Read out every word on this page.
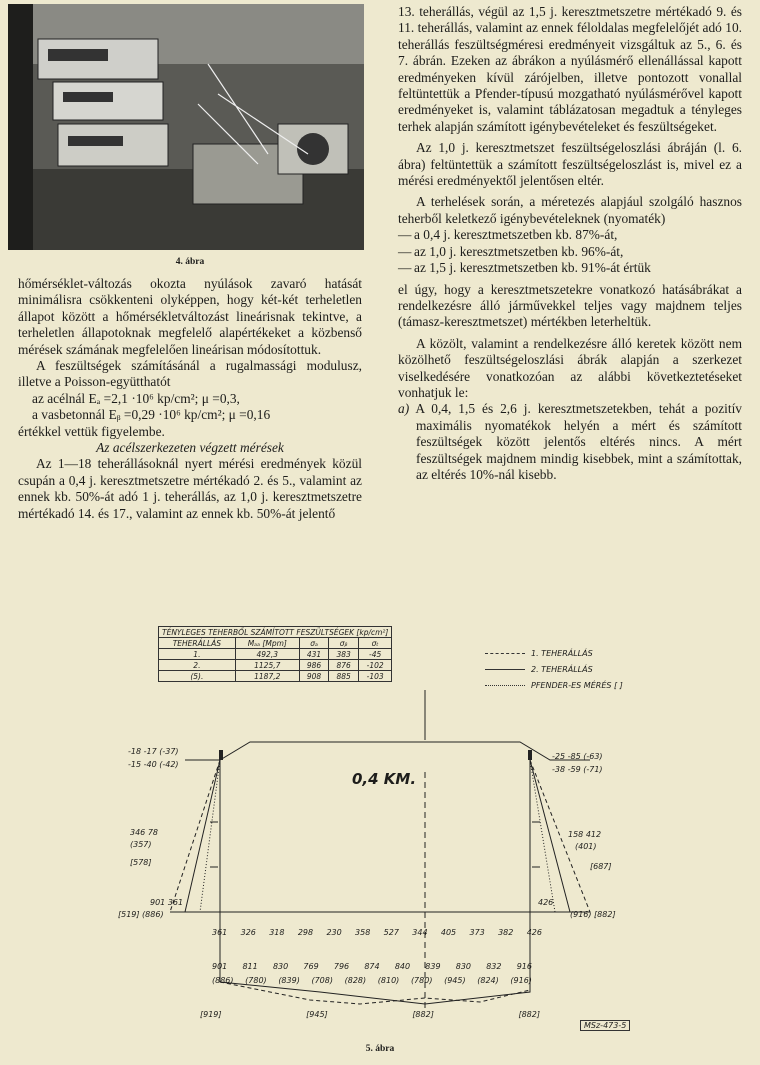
4. ábra

hőmérséklet-változás okozta nyúlások zavaró hatását minimálisra csökkenteni olyképpen, hogy két-két terheletlen állapot között a hőmérsékletváltozást lineárisnak tekintve, a terheletlen állapotoknak megfelelő alapértékeket a közbenső mérések számának megfelelően lineárisan módosítottuk.

A feszültségek számításánál a rugalmassági modulusz, illetve a Poisson-együtthatót

az acélnál Eₐ =2,1 ·10⁶ kp/cm²; μ =0,3,

a vasbetonnál Eᵦ =0,29 ·10⁶ kp/cm²; μ =0,16

értékkel vettük figyelembe.

Az acélszerkezeten végzett mérések

Az 1—18 teherállásoknál nyert mérési eredmények közül csupán a 0,4 j. keresztmetszetre mértékadó 2. és 5., valamint az ennek kb. 50%-át adó 1 j. teherállás, az 1,0 j. keresztmetszetre mértékadó 14. és 17., valamint az ennek kb. 50%-át jelentő

13. teherállás, végül az 1,5 j. keresztmetszetre mértékadó 9. és 11. teherállás, valamint az ennek féloldalas megfelelőjét adó 10. teherállás feszültségméresi eredményeit vizsgáltuk az 5., 6. és 7. ábrán. Ezeken az ábrákon a nyúlásmérő ellenállással kapott eredményeken kívül zárójelben, illetve pontozott vonallal feltüntettük a Pfender-típusú mozgatható nyúlásmérővel kapott eredményeket is, valamint táblázatosan megadtuk a tényleges terhek alapján számított igénybevételeket és feszültségeket.

Az 1,0 j. keresztmetszet feszültségeloszlási ábráján (l. 6. ábra) feltüntettük a számított feszültségeloszlást is, mivel ez a mérési eredményektől jelentősen eltér.

A terhelések során, a méretezés alapjául szolgáló hasznos teherből keletkező igénybevételeknek (nyomaték)

— a 0,4 j. keresztmetszetben kb. 87%-át,

— az 1,0 j. keresztmetszetben kb. 96%-át,

— az 1,5 j. keresztmetszetben kb. 91%-át értük

el úgy, hogy a keresztmetszetekre vonatkozó hatásábrákat a rendelkezésre álló járművekkel teljes vagy majdnem teljes (támasz-keresztmetszet) mértékben leterheltük.

A közölt, valamint a rendelkezésre álló keretek között nem közölhető feszültségeloszlási ábrák alapján a szerkezet viselkedésére vonatkozóan az alábbi következtetéseket vonhatjuk le:

a) A 0,4, 1,5 és 2,6 j. keresztmetszetekben, tehát a pozitív maximális nyomatékok helyén a mért és számított feszültségek között jelentős eltérés nincs. A mért feszültségek majdnem mindig kisebbek, mint a számítottak, az eltérés 10%-nál kisebb.

TÉNYLEGES TEHERBŐL SZÁMÍTOTT FESZÜLTSÉGEK [kp/cm²]				
TEHERÁLLÁS	Mₐₐ [Mpm]	σₐ	σᵦ	σₜ
1.	492,3	431	383	-45
2.	1125,7	986	876	-102
(5).	1187,2	908	885	-103
1. TEHERÁLLÁS
2. TEHERÁLLÁS
PFENDER-ES MÉRÉS [ ]
0,4 KM.
-18 -17 (-37)
-15 -40 (-42)
-25 -85 (-63)
-38 -59 (-71)
346 78
(357)
[578]
901 361
[519] (886)
158 412
(401)
[687]
426
(916) [882]
361 326 318 298 230 358 527 344 405 373 382 426
901 811 830 769 796 874 840 839 830 832 916
(886) (780) (839) (708) (828) (810) (780) (945) (824) (916)
[919]	[945]	[882]	[882]
MSz-473-5
5. ábra
